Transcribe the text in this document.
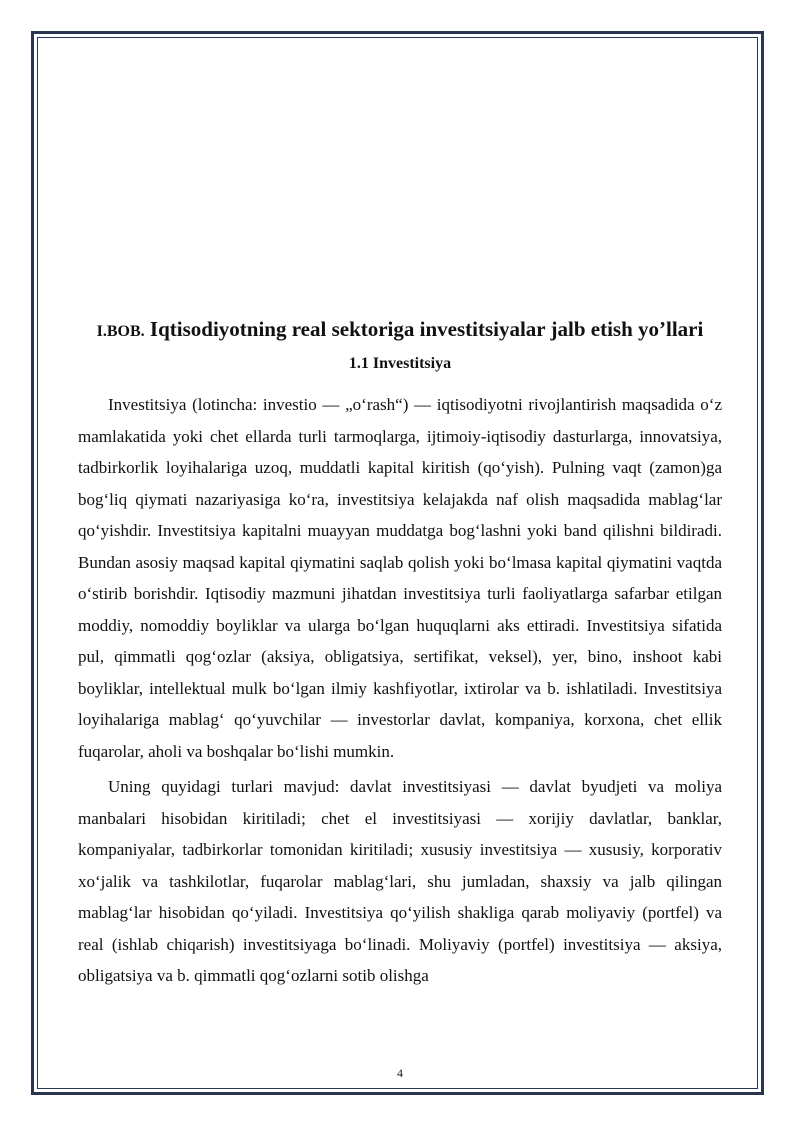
I.BOB. Iqtisodiyotning real sektoriga investitsiyalar jalb etish yo’llari
1.1 Investitsiya

Investitsiya (lotincha: investio — „o‘rash“) — iqtisodiyotni rivojlantirish maqsadida o‘z mamlakatida yoki chet ellarda turli tarmoqlarga, ijtimoiy-iqtisodiy dasturlarga, innovatsiya, tadbirkorlik loyihalariga uzoq, muddatli kapital kiritish (qo‘yish). Pulning vaqt (zamon)ga bog‘liq qiymati nazariyasiga ko‘ra, investitsiya kelajakda naf olish maqsadida mablag‘lar qo‘yishdir. Investitsiya kapitalni muayyan muddatga bog‘lashni yoki band qilishni bildiradi. Bundan asosiy maqsad kapital qiymatini saqlab qolish yoki bo‘lmasa kapital qiymatini vaqtda o‘stirib borishdir. Iqtisodiy mazmuni jihatdan investitsiya turli faoliyatlarga safarbar etilgan moddiy, nomoddiy boyliklar va ularga bo‘lgan huquqlarni aks ettiradi. Investitsiya sifatida pul, qimmatli qog‘ozlar (aksiya, obligatsiya, sertifikat, veksel), yer, bino, inshoot kabi boyliklar, intellektual mulk bo‘lgan ilmiy kashfiyotlar, ixtirolar va b. ishlatiladi. Investitsiya loyihalariga mablag‘ qo‘yuvchilar — investorlar davlat, kompaniya, korxona, chet ellik fuqarolar, aholi va boshqalar bo‘lishi mumkin.

Uning quyidagi turlari mavjud: davlat investitsiyasi — davlat byudjeti va moliya manbalari hisobidan kiritiladi; chet el investitsiyasi — xorijiy davlatlar, banklar, kompaniyalar, tadbirkorlar tomonidan kiritiladi; xususiy investitsiya — xususiy, korporativ xo‘jalik va tashkilotlar, fuqarolar mablag‘lari, shu jumladan, shaxsiy va jalb qilingan mablag‘lar hisobidan qo‘yiladi. Investitsiya qo‘yilish shakliga qarab moliyaviy (portfel) va real (ishlab chiqarish) investitsiyaga bo‘linadi. Moliyaviy (portfel) investitsiya — aksiya, obligatsiya va b. qimmatli qog‘ozlarni sotib olishga

4
